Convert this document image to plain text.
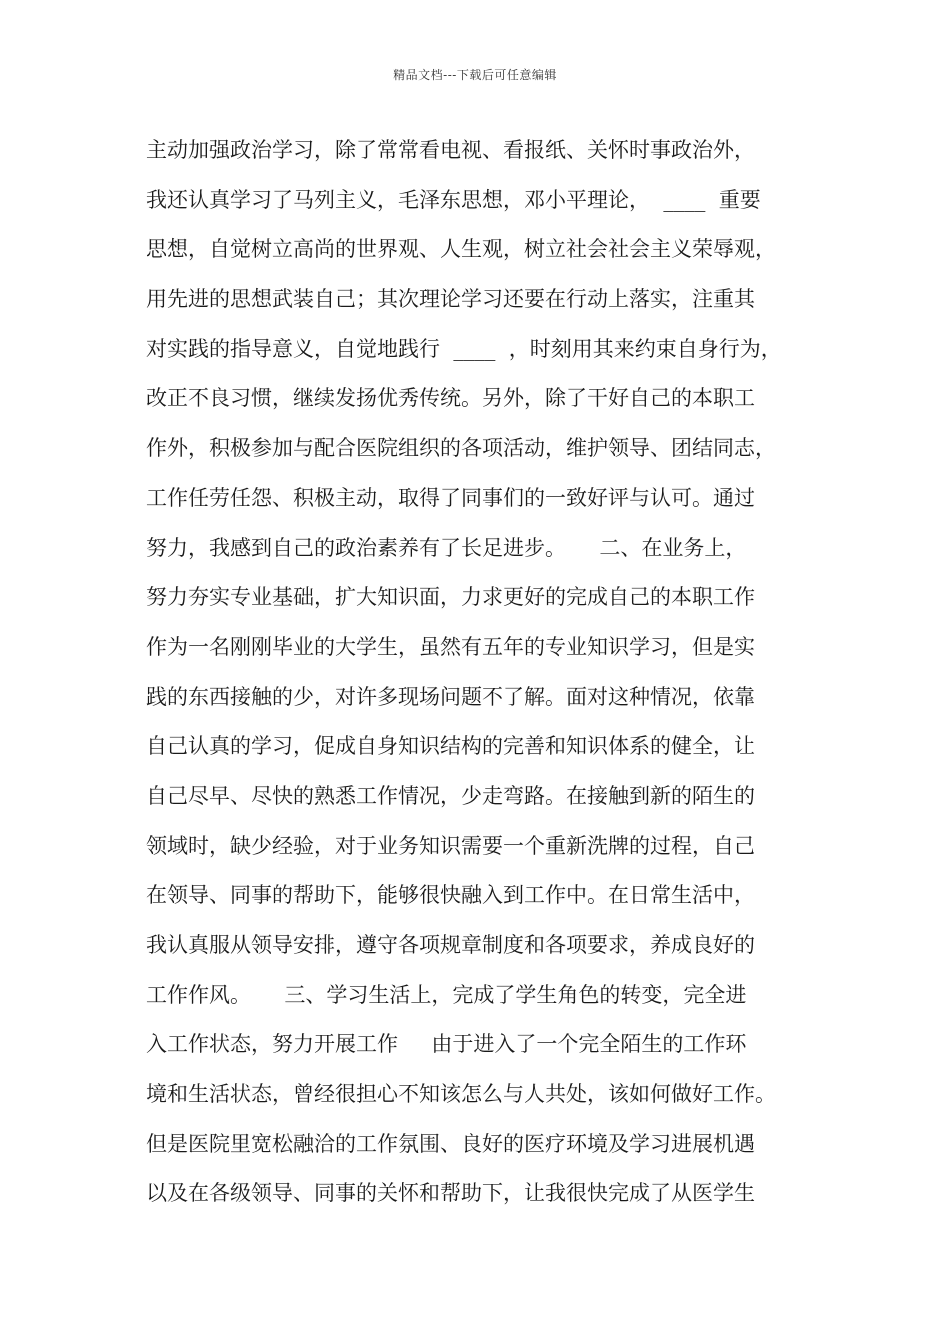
精品文档---下载后可任意编辑
主动加强政治学习，除了常常看电视、看报纸、关怀时事政治外，
我还认真学习了马列主义，毛泽东思想，邓小平理论，  ____  重要
思想，自觉树立高尚的世界观、人生观，树立社会社会主义荣辱观，
用先进的思想武装自己；其次理论学习还要在行动上落实，注重其
对实践的指导意义，自觉地践行  ____  ，时刻用其来约束自身行为，
改正不良习惯，继续发扬优秀传统。另外，除了干好自己的本职工
作外，积极参加与配合医院组织的各项活动，维护领导、团结同志，
工作任劳任怨、积极主动，取得了同事们的一致好评与认可。通过
努力，我感到自己的政治素养有了长足进步。     二、在业务上，
努力夯实专业基础，扩大知识面，力求更好的完成自己的本职工作
作为一名刚刚毕业的大学生，虽然有五年的专业知识学习，但是实
践的东西接触的少，对许多现场问题不了解。面对这种情况，依靠
自己认真的学习，促成自身知识结构的完善和知识体系的健全，让
自己尽早、尽快的熟悉工作情况，少走弯路。在接触到新的陌生的
领域时，缺少经验，对于业务知识需要一个重新洗牌的过程，自己
在领导、同事的帮助下，能够很快融入到工作中。在日常生活中，
我认真服从领导安排，遵守各项规章制度和各项要求，养成良好的
工作作风。     三、学习生活上，完成了学生角色的转变，完全进
入工作状态，努力开展工作     由于进入了一个完全陌生的工作环
境和生活状态，曾经很担心不知该怎么与人共处，该如何做好工作。
但是医院里宽松融洽的工作氛围、良好的医疗环境及学习进展机遇
以及在各级领导、同事的关怀和帮助下，让我很快完成了从医学生
